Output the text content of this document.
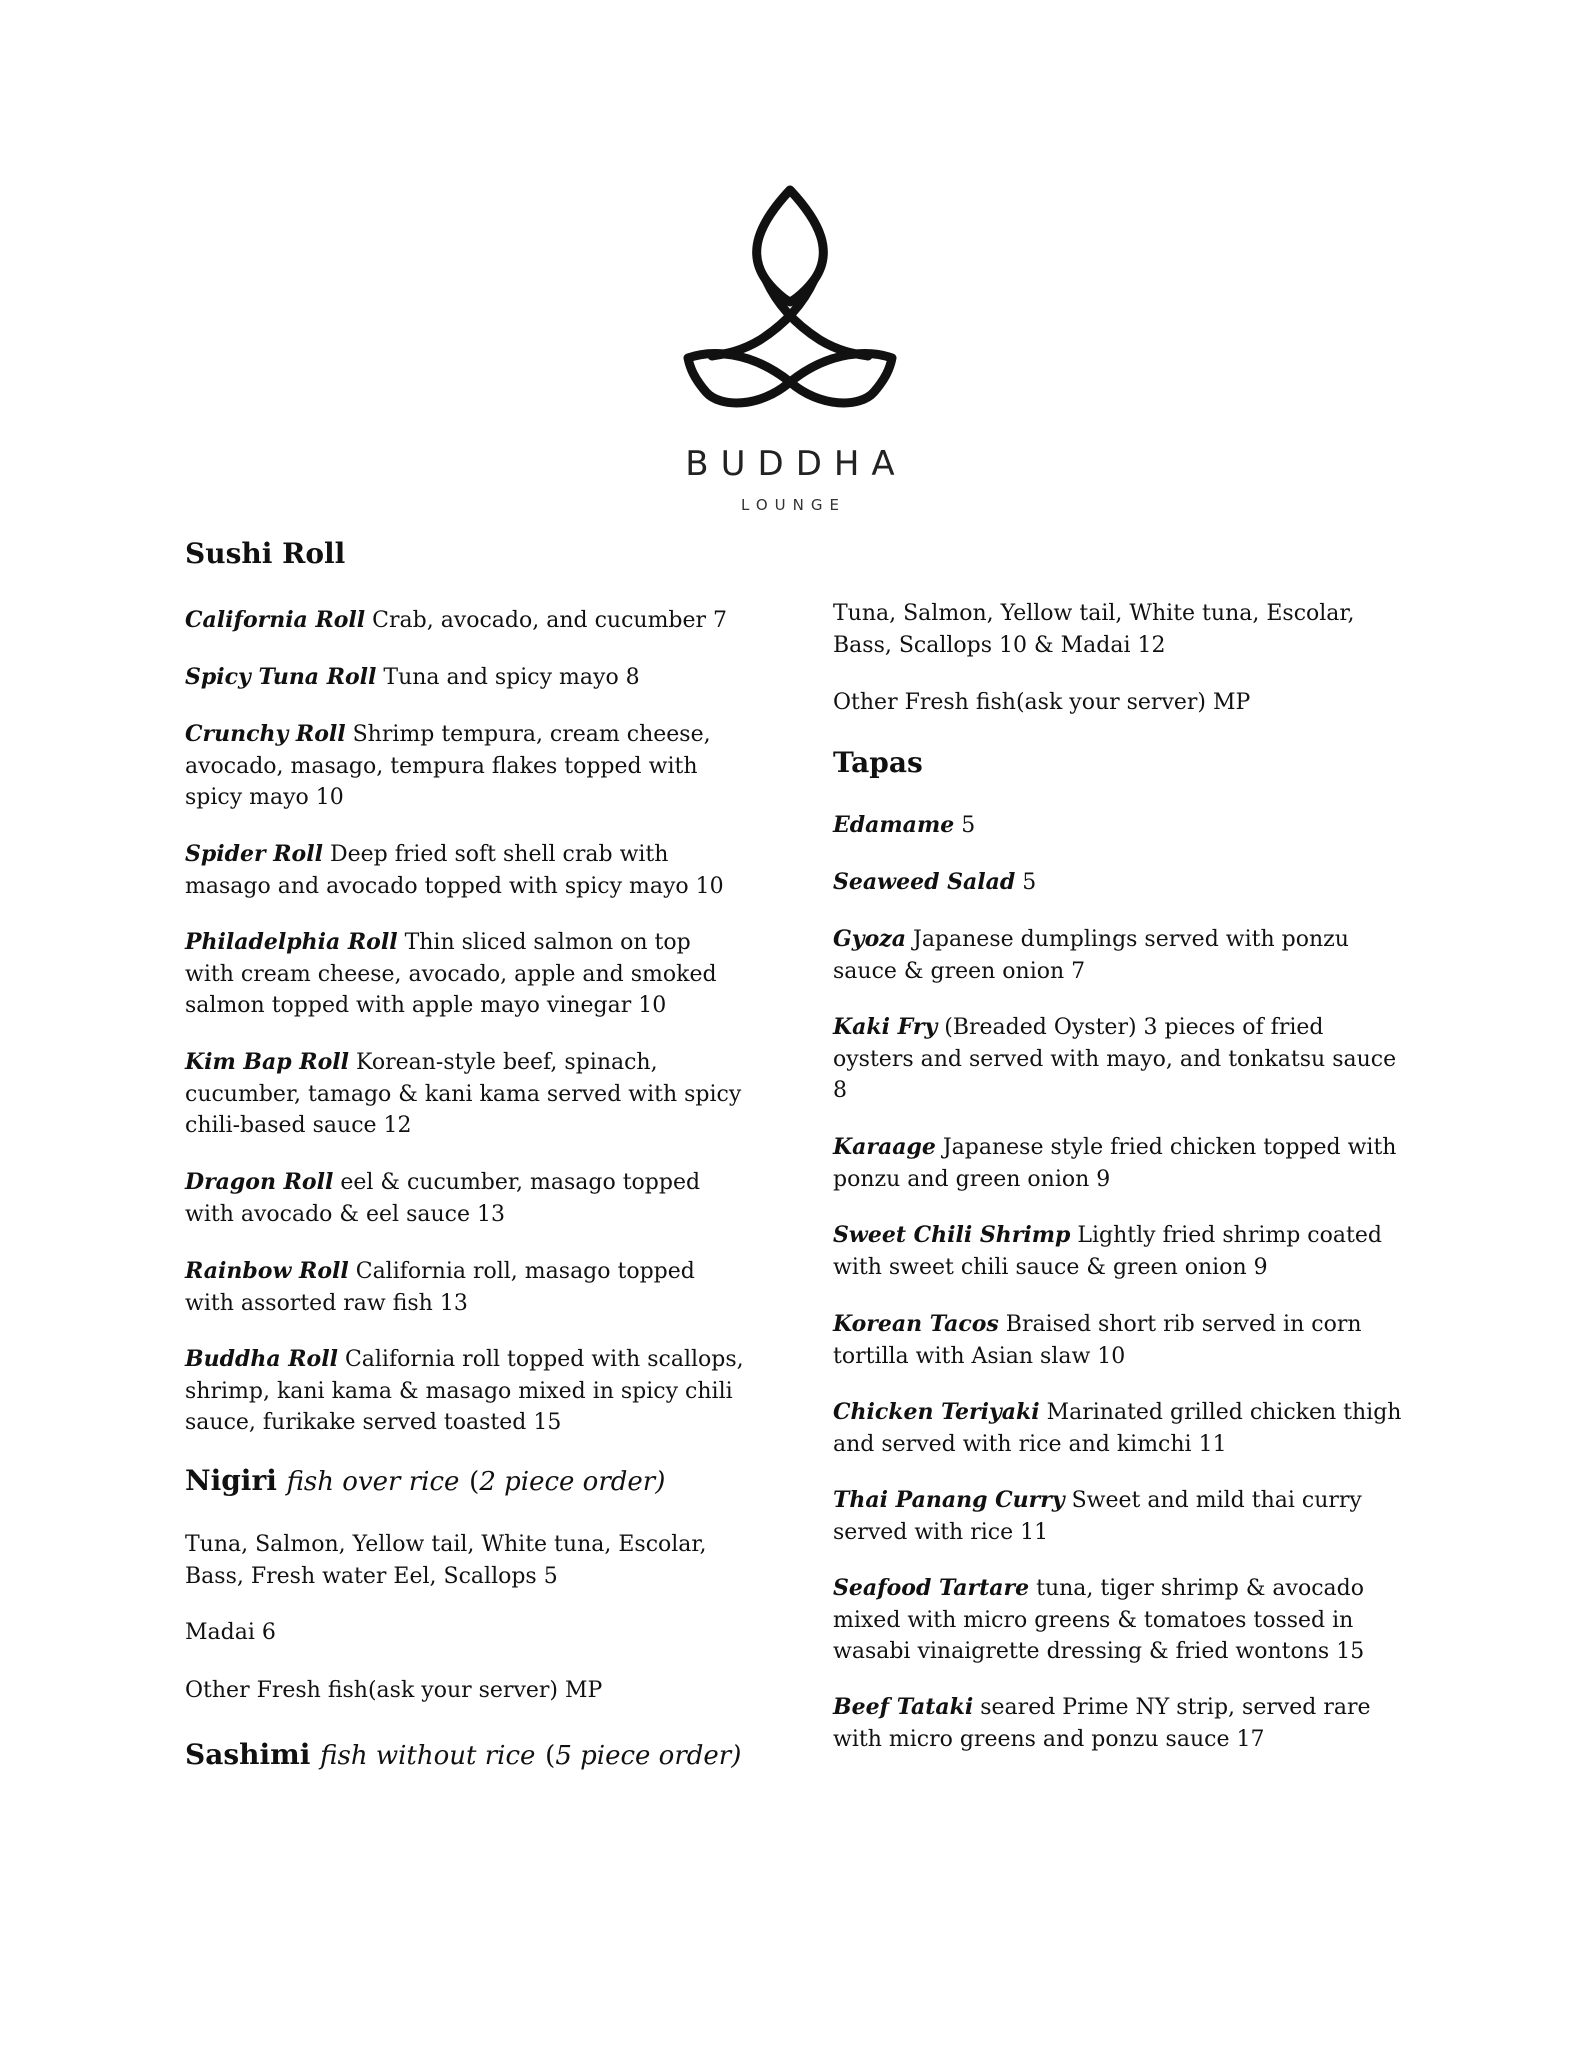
BUDDHA
LOUNGE
Sushi Roll

California Roll Crab, avocado, and cucumber 7

Spicy Tuna Roll Tuna and spicy mayo 8

Crunchy Roll Shrimp tempura, cream cheese, avocado, masago, tempura flakes topped with spicy mayo 10

Spider Roll Deep fried soft shell crab with masago and avocado topped with spicy mayo 10

Philadelphia Roll Thin sliced salmon on top with cream cheese, avocado, apple and smoked salmon topped with apple mayo vinegar 10

Kim Bap Roll Korean-style beef, spinach, cucumber, tamago & kani kama served with spicy chili-based sauce 12

Dragon Roll eel & cucumber, masago topped with avocado & eel sauce 13

Rainbow Roll California roll, masago topped with assorted raw fish 13

Buddha Roll California roll topped with scallops, shrimp, kani kama & masago mixed in spicy chili sauce, furikake served toasted 15

Nigiri fish over rice (2 piece order)

Tuna, Salmon, Yellow tail, White tuna, Escolar, Bass, Fresh water Eel, Scallops 5

Madai 6

Other Fresh fish(ask your server) MP

Sashimi fish without rice (5 piece order)

Tuna, Salmon, Yellow tail, White tuna, Escolar, Bass, Scallops 10 & Madai 12

Other Fresh fish(ask your server) MP

Tapas

Edamame 5

Seaweed Salad 5

Gyoza Japanese dumplings served with ponzu sauce & green onion 7

Kaki Fry (Breaded Oyster) 3 pieces of fried oysters and served with mayo, and tonkatsu sauce 8

Karaage Japanese style fried chicken topped with ponzu and green onion 9

Sweet Chili Shrimp Lightly fried shrimp coated with sweet chili sauce & green onion 9

Korean Tacos Braised short rib served in corn tortilla with Asian slaw 10

Chicken Teriyaki Marinated grilled chicken thigh and served with rice and kimchi 11

Thai Panang Curry Sweet and mild thai curry served with rice 11

Seafood Tartare tuna, tiger shrimp & avocado mixed with micro greens & tomatoes tossed in wasabi vinaigrette dressing & fried wontons 15

Beef Tataki seared Prime NY strip, served rare with micro greens and ponzu sauce 17
